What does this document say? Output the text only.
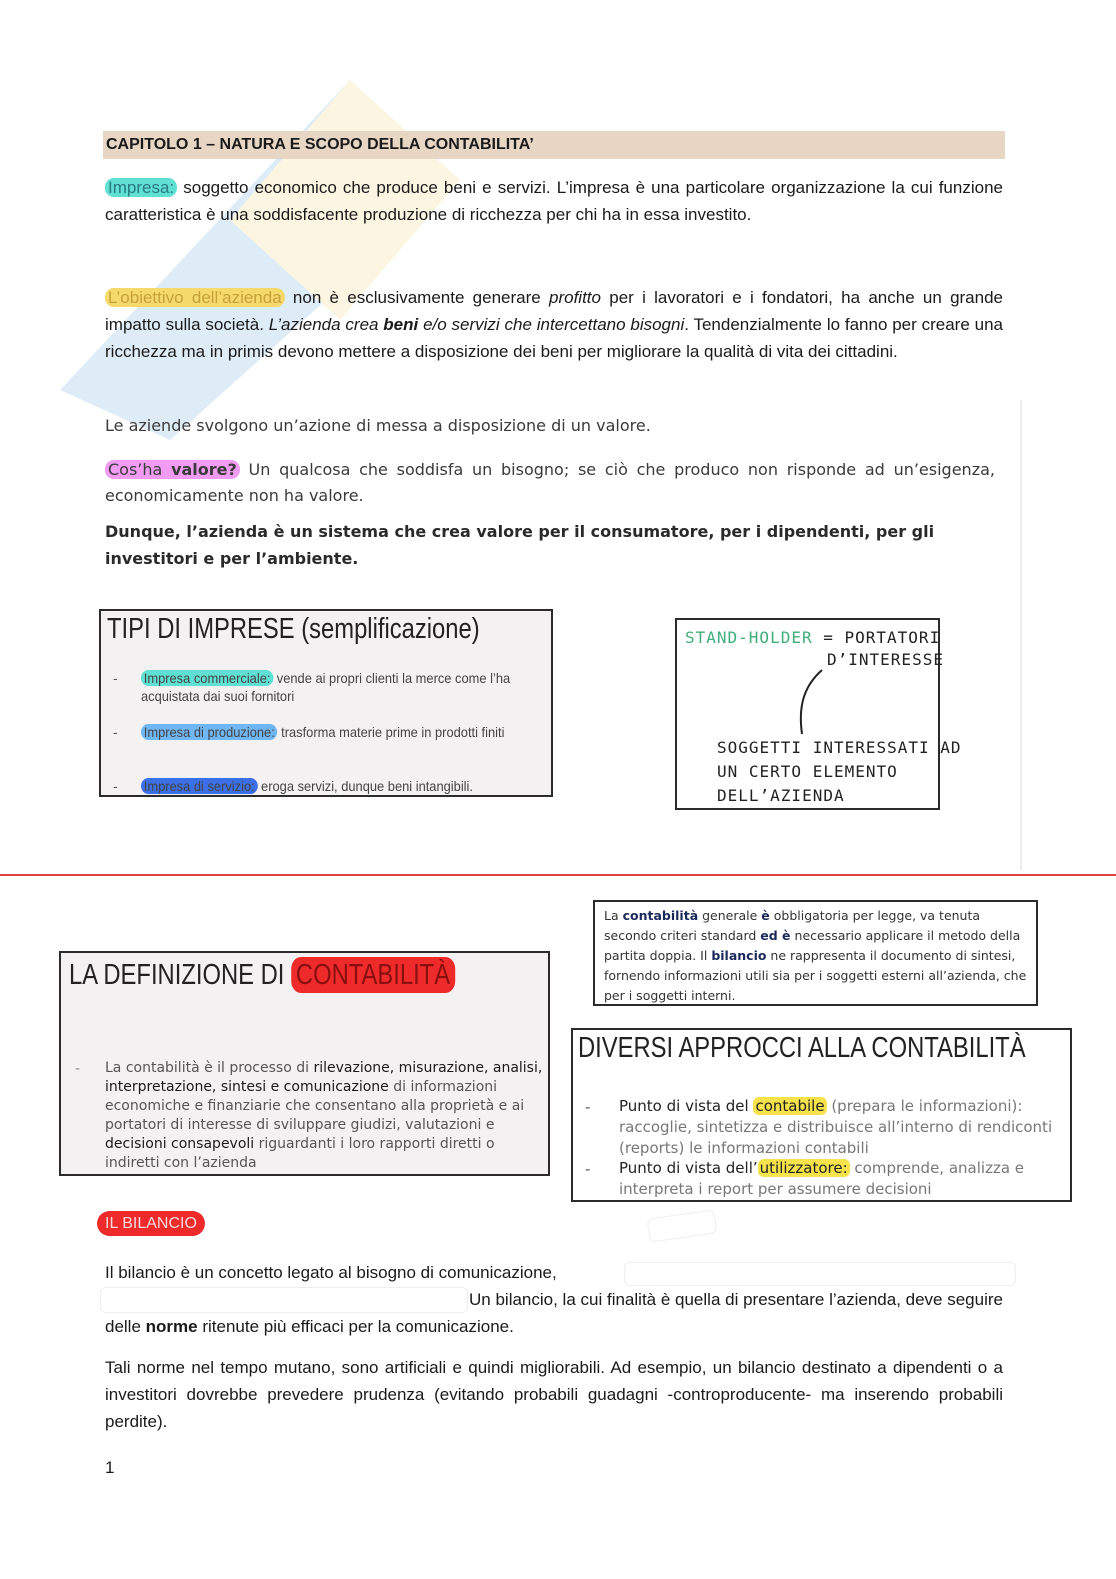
CAPITOLO 1 – NATURA E SCOPO DELLA CONTABILITA’
Impresa: soggetto economico che produce beni e servizi. L’impresa è una particolare organizzazione la cui funzione caratteristica è una soddisfacente produzione di ricchezza per chi ha in essa investito.
L’obiettivo dell’azienda non è esclusivamente generare profitto per i lavoratori e i fondatori, ha anche un grande impatto sulla società. L’azienda crea beni e/o servizi che intercettano bisogni. Tendenzialmente lo fanno per creare una ricchezza ma in primis devono mettere a disposizione dei beni per migliorare la qualità di vita dei cittadini.
Le aziende svolgono un’azione di messa a disposizione di un valore.
Cos’ha valore? Un qualcosa che soddisfa un bisogno; se ciò che produco non risponde ad un’esigenza, economicamente non ha valore.
Dunque, l’azienda è un sistema che crea valore per il consumatore, per i dipendenti, per gli investitori e per l’ambiente.
TIPI DI IMPRESE (semplificazione)
- Impresa commerciale: vende ai propri clienti la merce come l’ha acquistata dai suoi fornitori
- Impresa di produzione: trasforma materie prime in prodotti finiti
- Impresa di servizio: eroga servizi, dunque beni intangibili.
STAND-HOLDER = PORTATORI
D’INTERESSE
SOGGETTI INTERESSATI AD
UN CERTO ELEMENTO
DELL’AZIENDA
La contabilità generale è obbligatoria per legge, va tenuta secondo criteri standard ed è necessario applicare il metodo della partita doppia. Il bilancio ne rappresenta il documento di sintesi, fornendo informazioni utili sia per i soggetti esterni all’azienda, che per i soggetti interni.
LA DEFINIZIONE DI CONTABILITÀ
- La contabilità è il processo di rilevazione, misurazione, analisi, interpretazione, sintesi e comunicazione di informazioni economiche e finanziarie che consentano alla proprietà e ai portatori di interesse di sviluppare giudizi, valutazioni e decisioni consapevoli riguardanti i loro rapporti diretti o indiretti con l’azienda
DIVERSI APPROCCI ALLA CONTABILITÀ
- Punto di vista del contabile (prepara le informazioni): raccoglie, sintetizza e distribuisce all’interno di rendiconti (reports) le informazioni contabili
- Punto di vista dell’ utilizzatore: comprende, analizza e interpreta i report per assumere decisioni
IL BILANCIO
Il bilancio è un concetto legato al bisogno di comunicazione,
Un bilancio, la cui finalità è quella di presentare l’azienda, deve seguire delle norme ritenute più efficaci per la comunicazione.
Tali norme nel tempo mutano, sono artificiali e quindi migliorabili. Ad esempio, un bilancio destinato a dipendenti o a investitori dovrebbe prevedere prudenza (evitando probabili guadagni -controproducente- ma inserendo probabili perdite).
1
